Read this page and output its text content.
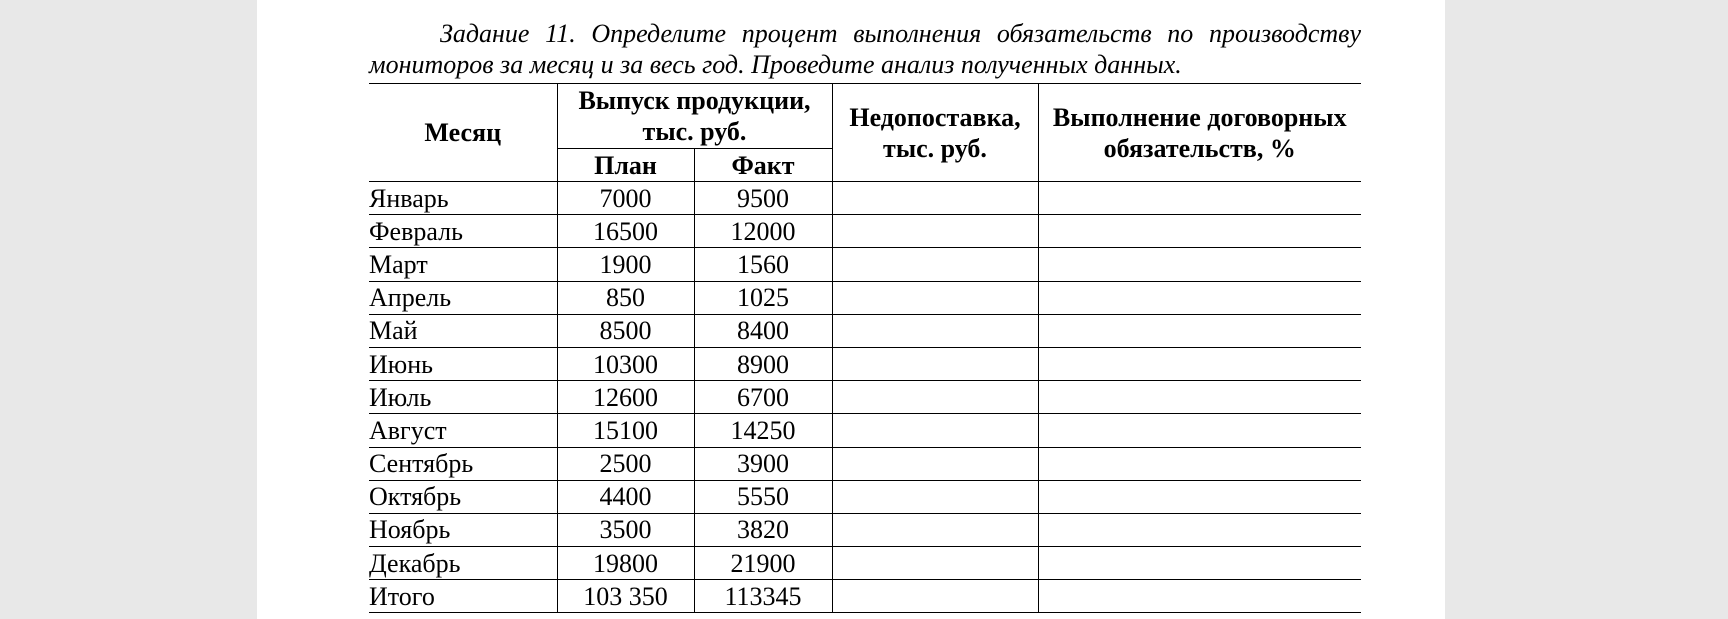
Задание 11. Определите процент выполнения обязательств по производству мониторов за месяц и за весь год. Проведите анализ полученных данных.

Месяц	Выпуск продукции, тыс. руб.		Недопоставка, тыс. руб.	Выполнение договорных обязательств, %
	План	Факт		
Январь	7000	9500		
Февраль	16500	12000		
Март	1900	1560		
Апрель	850	1025		
Май	8500	8400		
Июнь	10300	8900		
Июль	12600	6700		
Август	15100	14250		
Сентябрь	2500	3900		
Октябрь	4400	5550		
Ноябрь	3500	3820		
Декабрь	19800	21900		
Итого	103 350	113345		
